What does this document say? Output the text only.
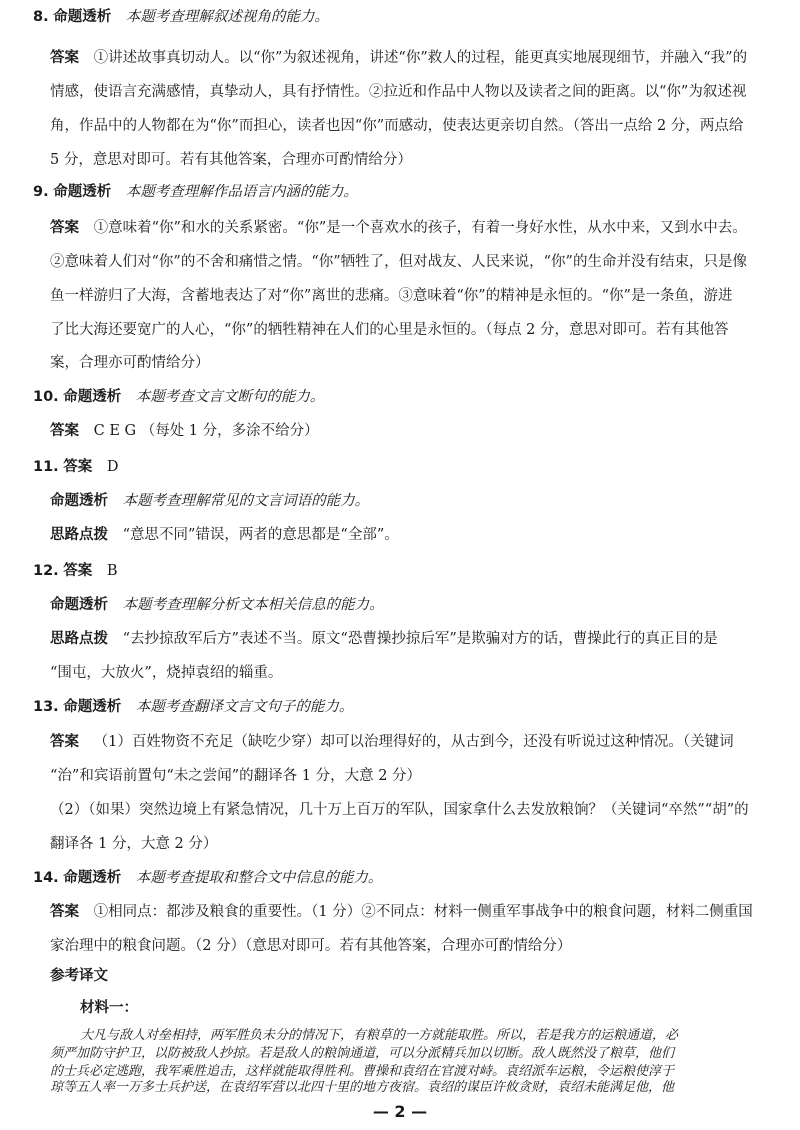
8. 命题透析 本题考查理解叙述视角的能力。
答案 ①讲述故事真切动人。以“你”为叙述视角，讲述“你”救人的过程，能更真实地展现细节，并融入“我”的
情感，使语言充满感情，真挚动人，具有抒情性。②拉近和作品中人物以及读者之间的距离。以“你”为叙述视
角，作品中的人物都在为“你”而担心，读者也因“你”而感动，使表达更亲切自然。（答出一点给 2 分，两点给
5 分，意思对即可。若有其他答案，合理亦可酌情给分）
9. 命题透析 本题考查理解作品语言内涵的能力。
答案 ①意味着“你”和水的关系紧密。“你”是一个喜欢水的孩子，有着一身好水性，从水中来，又到水中去。
②意味着人们对“你”的不舍和痛惜之情。“你”牺牲了，但对战友、人民来说，“你”的生命并没有结束，只是像
鱼一样游归了大海，含蓄地表达了对“你”离世的悲痛。③意味着“你”的精神是永恒的。“你”是一条鱼，游进
了比大海还要宽广的人心，“你”的牺牲精神在人们的心里是永恒的。（每点 2 分，意思对即可。若有其他答
案，合理亦可酌情给分）
10. 命题透析 本题考查文言文断句的能力。
答案 C E G （每处 1 分，多涂不给分）
11. 答案 D
命题透析 本题考查理解常见的文言词语的能力。
思路点拨 “意思不同”错误，两者的意思都是“全部”。
12. 答案 B
命题透析 本题考查理解分析文本相关信息的能力。
思路点拨 “去抄掠敌军后方”表述不当。原文“恐曹操抄掠后军”是欺骗对方的话，曹操此行的真正目的是
“围屯，大放火”，烧掉袁绍的辎重。
13. 命题透析 本题考查翻译文言文句子的能力。
答案 （1）百姓物资不充足（缺吃少穿）却可以治理得好的，从古到今，还没有听说过这种情况。（关键词
“治”和宾语前置句“未之尝闻”的翻译各 1 分，大意 2 分）
（2）（如果）突然边境上有紧急情况，几十万上百万的军队，国家拿什么去发放粮饷？（关键词“卒然”“胡”的
翻译各 1 分，大意 2 分）
14. 命题透析 本题考查提取和整合文中信息的能力。
答案 ①相同点：都涉及粮食的重要性。（1 分）②不同点：材料一侧重军事战争中的粮食问题，材料二侧重国
家治理中的粮食问题。（2 分）（意思对即可。若有其他答案，合理亦可酌情给分）
参考译文
材料一：
大凡与敌人对垒相持，两军胜负未分的情况下，有粮草的一方就能取胜。所以，若是我方的运粮通道，必
须严加防守护卫，以防被敌人抄掠。若是敌人的粮饷通道，可以分派精兵加以切断。敌人既然没了粮草，他们
的士兵必定逃跑，我军乘胜追击，这样就能取得胜利。曹操和袁绍在官渡对峙。袁绍派车运粮，令运粮使淳于
琼等五人率一万多士兵护送，在袁绍军营以北四十里的地方夜宿。袁绍的谋臣许攸贪财，袁绍未能满足他，他
— 2 —
